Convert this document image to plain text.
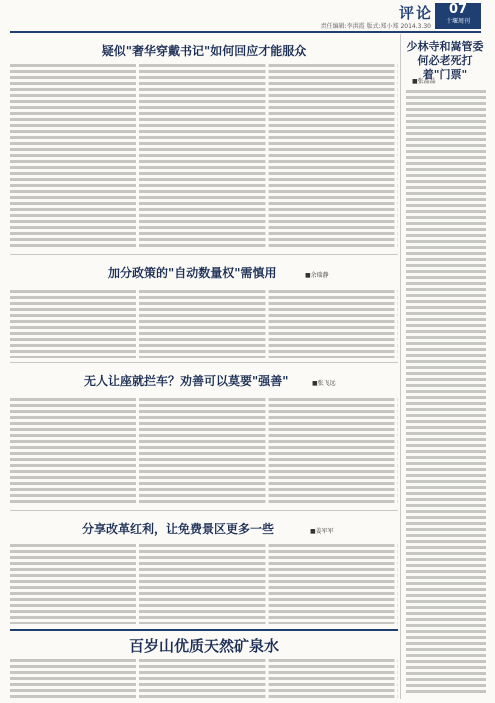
评论
责任编辑:李洪霞 版式:郑小郑 2014.3.30
07
十堰周刊
疑似"奢华穿戴书记"如何回应才能服众
加分政策的"自动数量权"需慎用	■余瑞静
无人让座就拦车？劝善可以莫要"强善"	■张飞远
分享改革红利，让免费景区更多一些	■姜军军
百岁山优质天然矿泉水
少林寺和嵩管委
何必老死打着"门票"
■张晶晶
